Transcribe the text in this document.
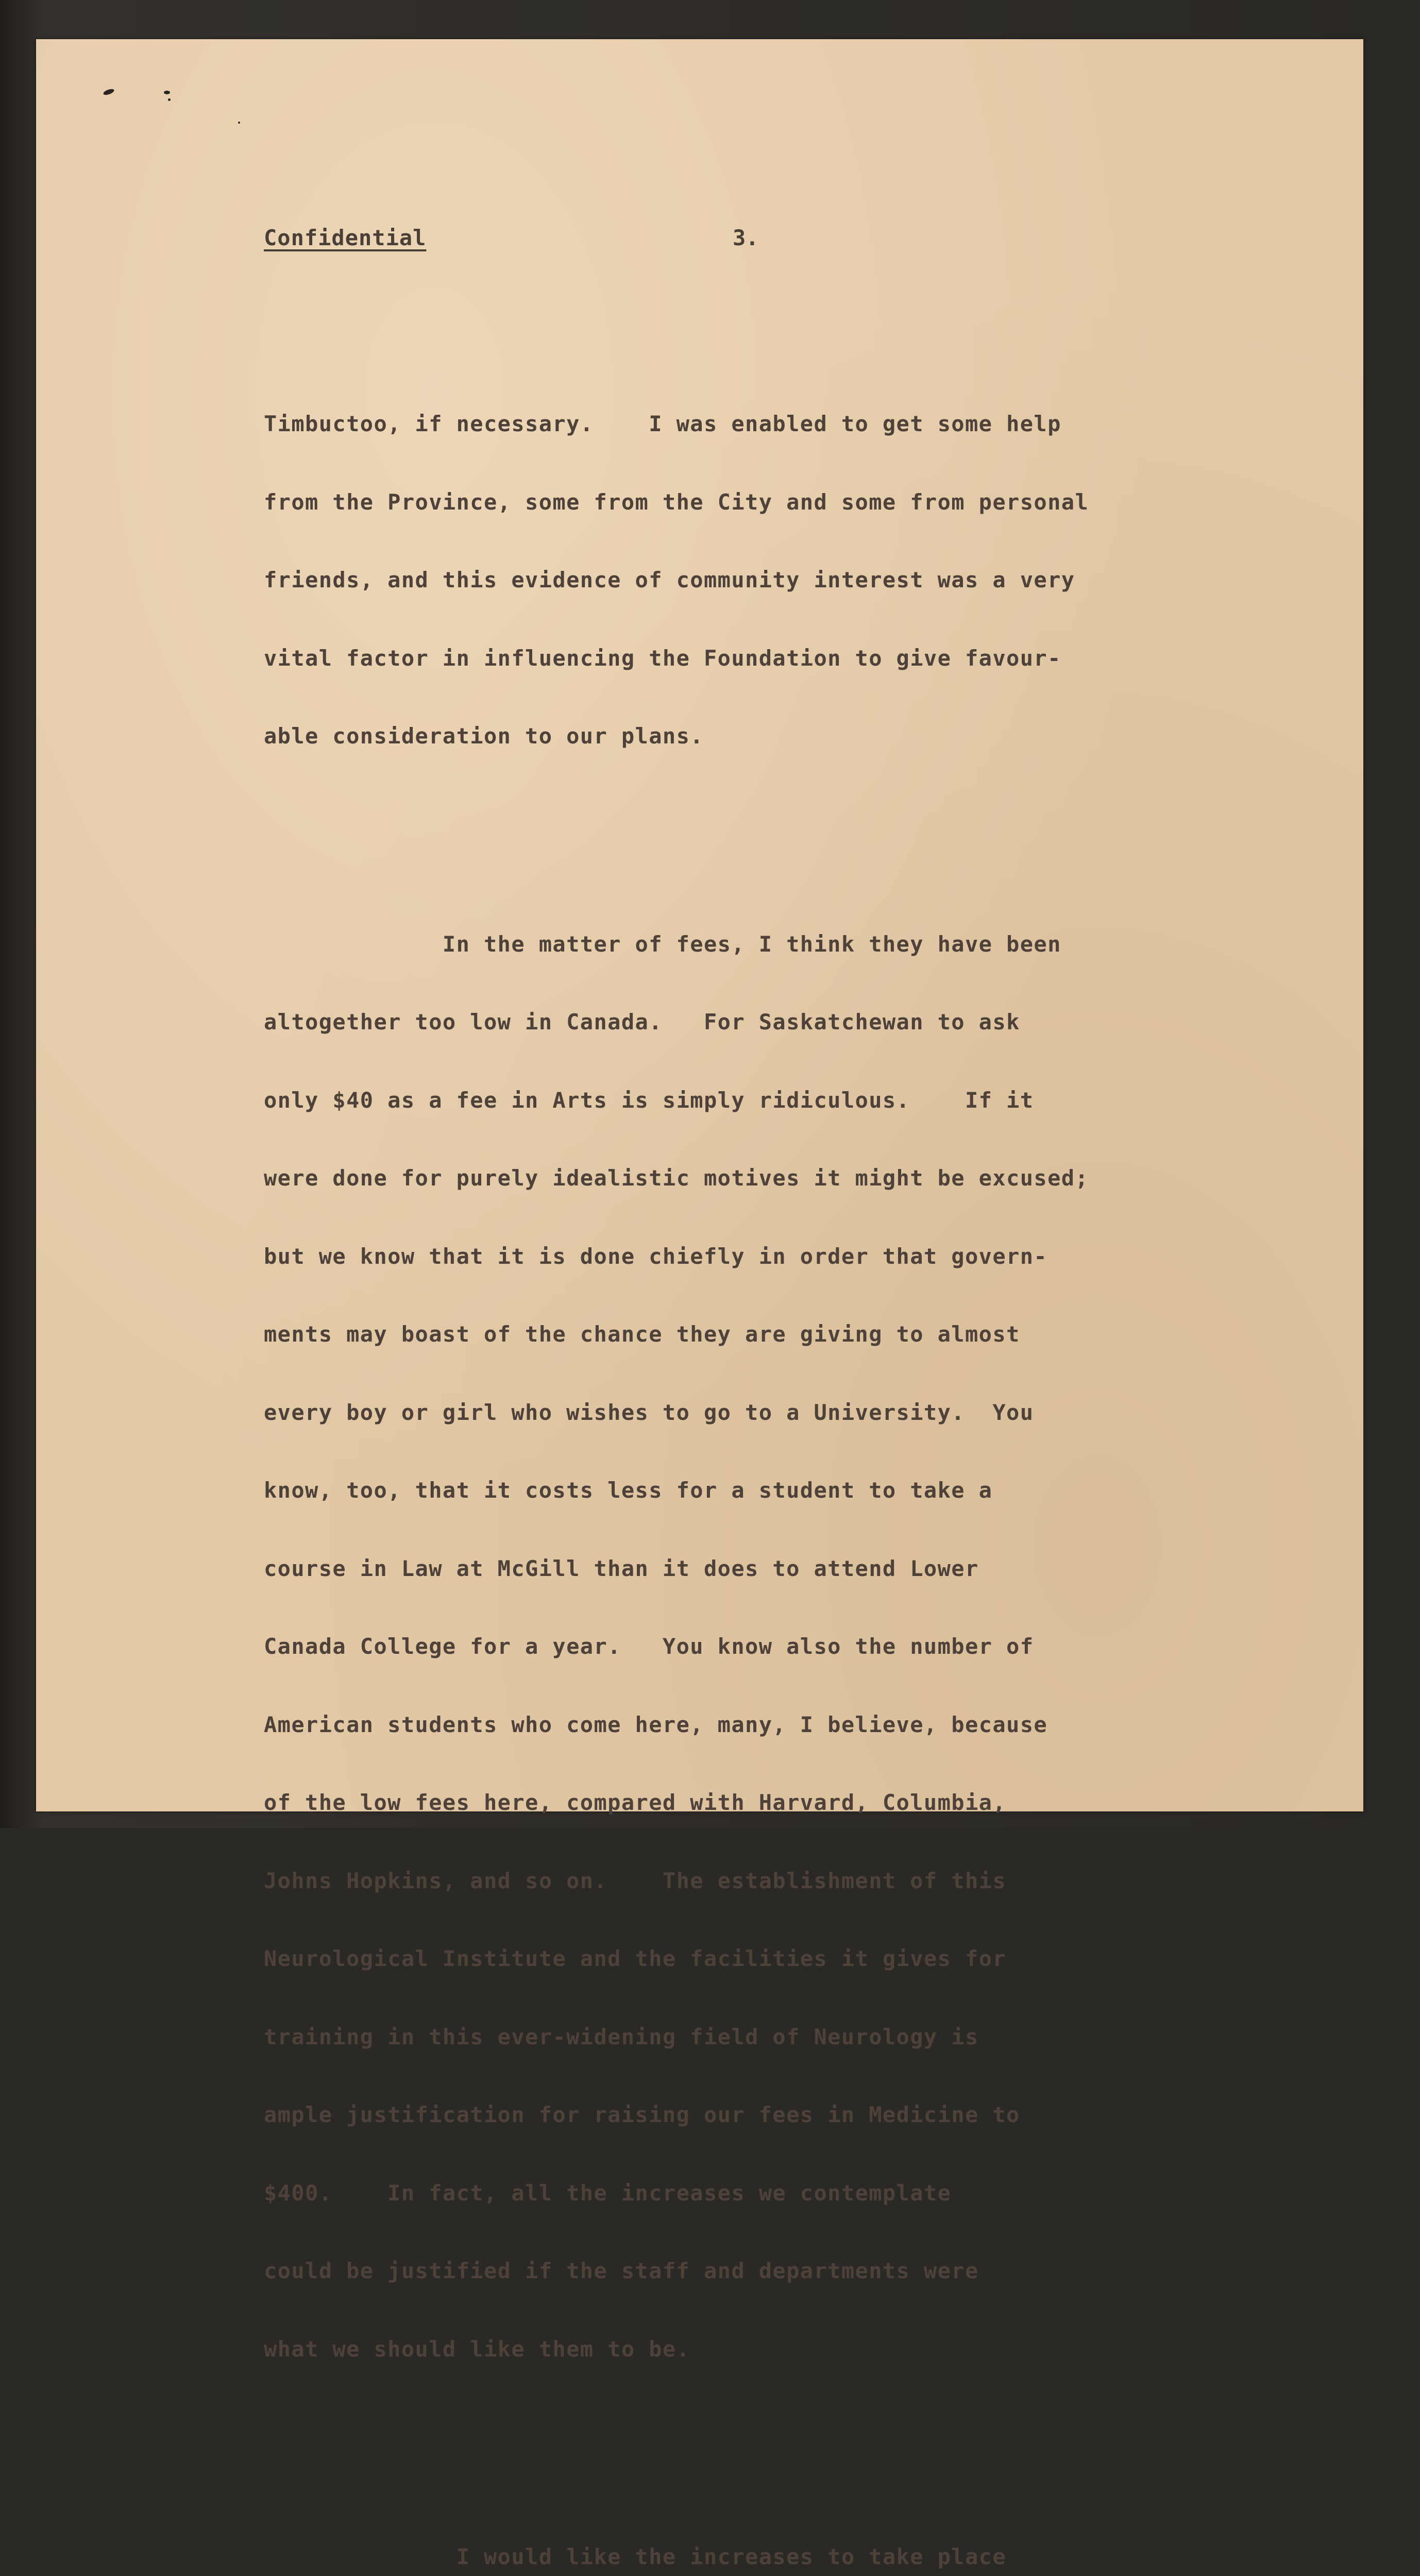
Confidential	3.

Timbuctoo, if necessary.    I was enabled to get some help

from the Province, some from the City and some from personal

friends, and this evidence of community interest was a very

vital factor in influencing the Foundation to give favour-

able consideration to our plans.

In the matter of fees, I think they have been

altogether too low in Canada.   For Saskatchewan to ask

only $40 as a fee in Arts is simply ridiculous.    If it

were done for purely idealistic motives it might be excused;

but we know that it is done chiefly in order that govern-

ments may boast of the chance they are giving to almost

every boy or girl who wishes to go to a University.  You

know, too, that it costs less for a student to take a

course in Law at McGill than it does to attend Lower

Canada College for a year.   You know also the number of

American students who come here, many, I believe, because

of the low fees here, compared with Harvard, Columbia,

Johns Hopkins, and so on.    The establishment of this

Neurological Institute and the facilities it gives for

training in this ever-widening field of Neurology is

ample justification for raising our fees in Medicine to

$400.    In fact, all the increases we contemplate

could be justified if the staff and departments were

what we should like them to be.

I would like the increases to take place
